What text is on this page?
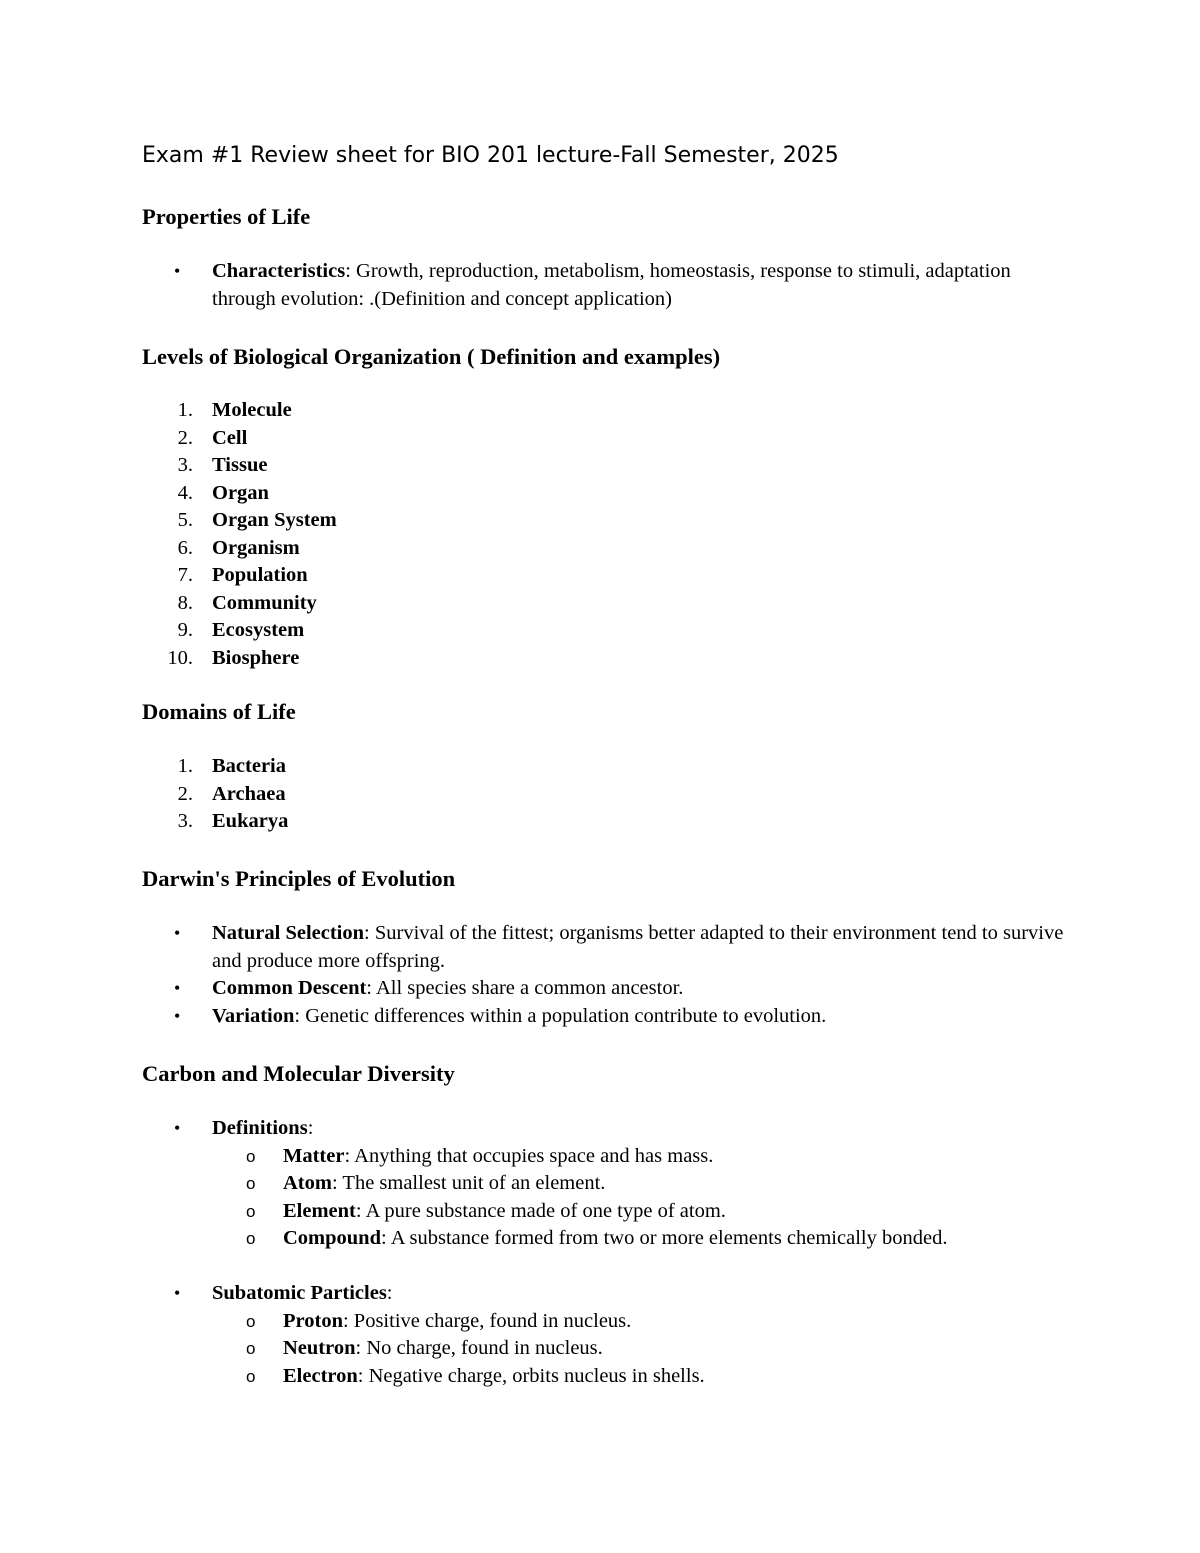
Exam #1 Review sheet for BIO 201 lecture-Fall Semester, 2025
Properties of Life
• Characteristics: Growth, reproduction, metabolism, homeostasis, response to stimuli, adaptation through evolution: .(Definition and concept application)
Levels of Biological Organization ( Definition and examples)
1. Molecule
2. Cell
3. Tissue
4. Organ
5. Organ System
6. Organism
7. Population
8. Community
9. Ecosystem
10. Biosphere
Domains of Life
1. Bacteria
2. Archaea
3. Eukarya
Darwin's Principles of Evolution
• Natural Selection: Survival of the fittest; organisms better adapted to their environment tend to survive and produce more offspring.
• Common Descent: All species share a common ancestor.
• Variation: Genetic differences within a population contribute to evolution.
Carbon and Molecular Diversity
• Definitions:
o Matter: Anything that occupies space and has mass.
o Atom: The smallest unit of an element.
o Element: A pure substance made of one type of atom.
o Compound: A substance formed from two or more elements chemically bonded.
• Subatomic Particles:
o Proton: Positive charge, found in nucleus.
o Neutron: No charge, found in nucleus.
o Electron: Negative charge, orbits nucleus in shells.
